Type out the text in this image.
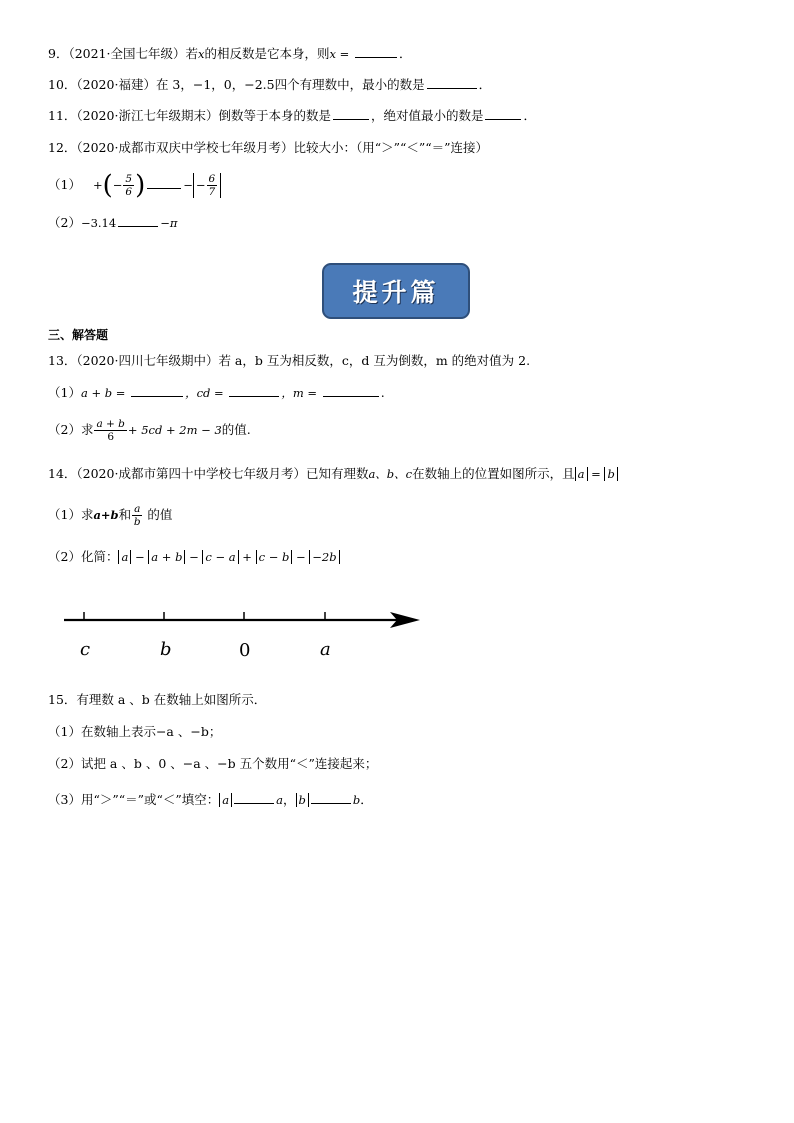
9．（2021·全国七年级）若x的相反数是它本身，则x =	．
10．（2020·福建）在 3，−1，0，−2.5四个有理数中，最小的数是	．
11．（2020·浙江七年级期末）倒数等于本身的数是	，绝对值最小的数是	．
12．（2020·成都市双庆中学校七年级月考）比较大小：（用“＞”“＜”“＝”连接）
（1） +(− $\frac{5}{6}$ )	− − $\frac{6}{7}$
（2）−3.14	−π
提升篇
三、解答题
13．（2020·四川七年级期中）若 a，b 互为相反数，c，d 互为倒数，m 的绝对值为 2.
（1）a + b =	，cd =	，m =	.
（2）求 $\frac{a + b}{6} + 5cd + 2m - 3$的值.
14．（2020·成都市第四十中学校七年级月考）已知有理数a、b、c在数轴上的位置如图所示，且 a = b
（1）求a+b和 $\frac{a}{b}$ 的值
（2）化简： a − a + b − c − a + c − b − −2b
c	b	0	a
15．有理数 a 、b 在数轴上如图所示．
（1）在数轴上表示−a 、−b；
（2）试把 a 、b 、0 、−a 、−b 五个数用“＜”连接起来；
（3）用“＞”“＝”或“＜”填空： a	a， b	b．
